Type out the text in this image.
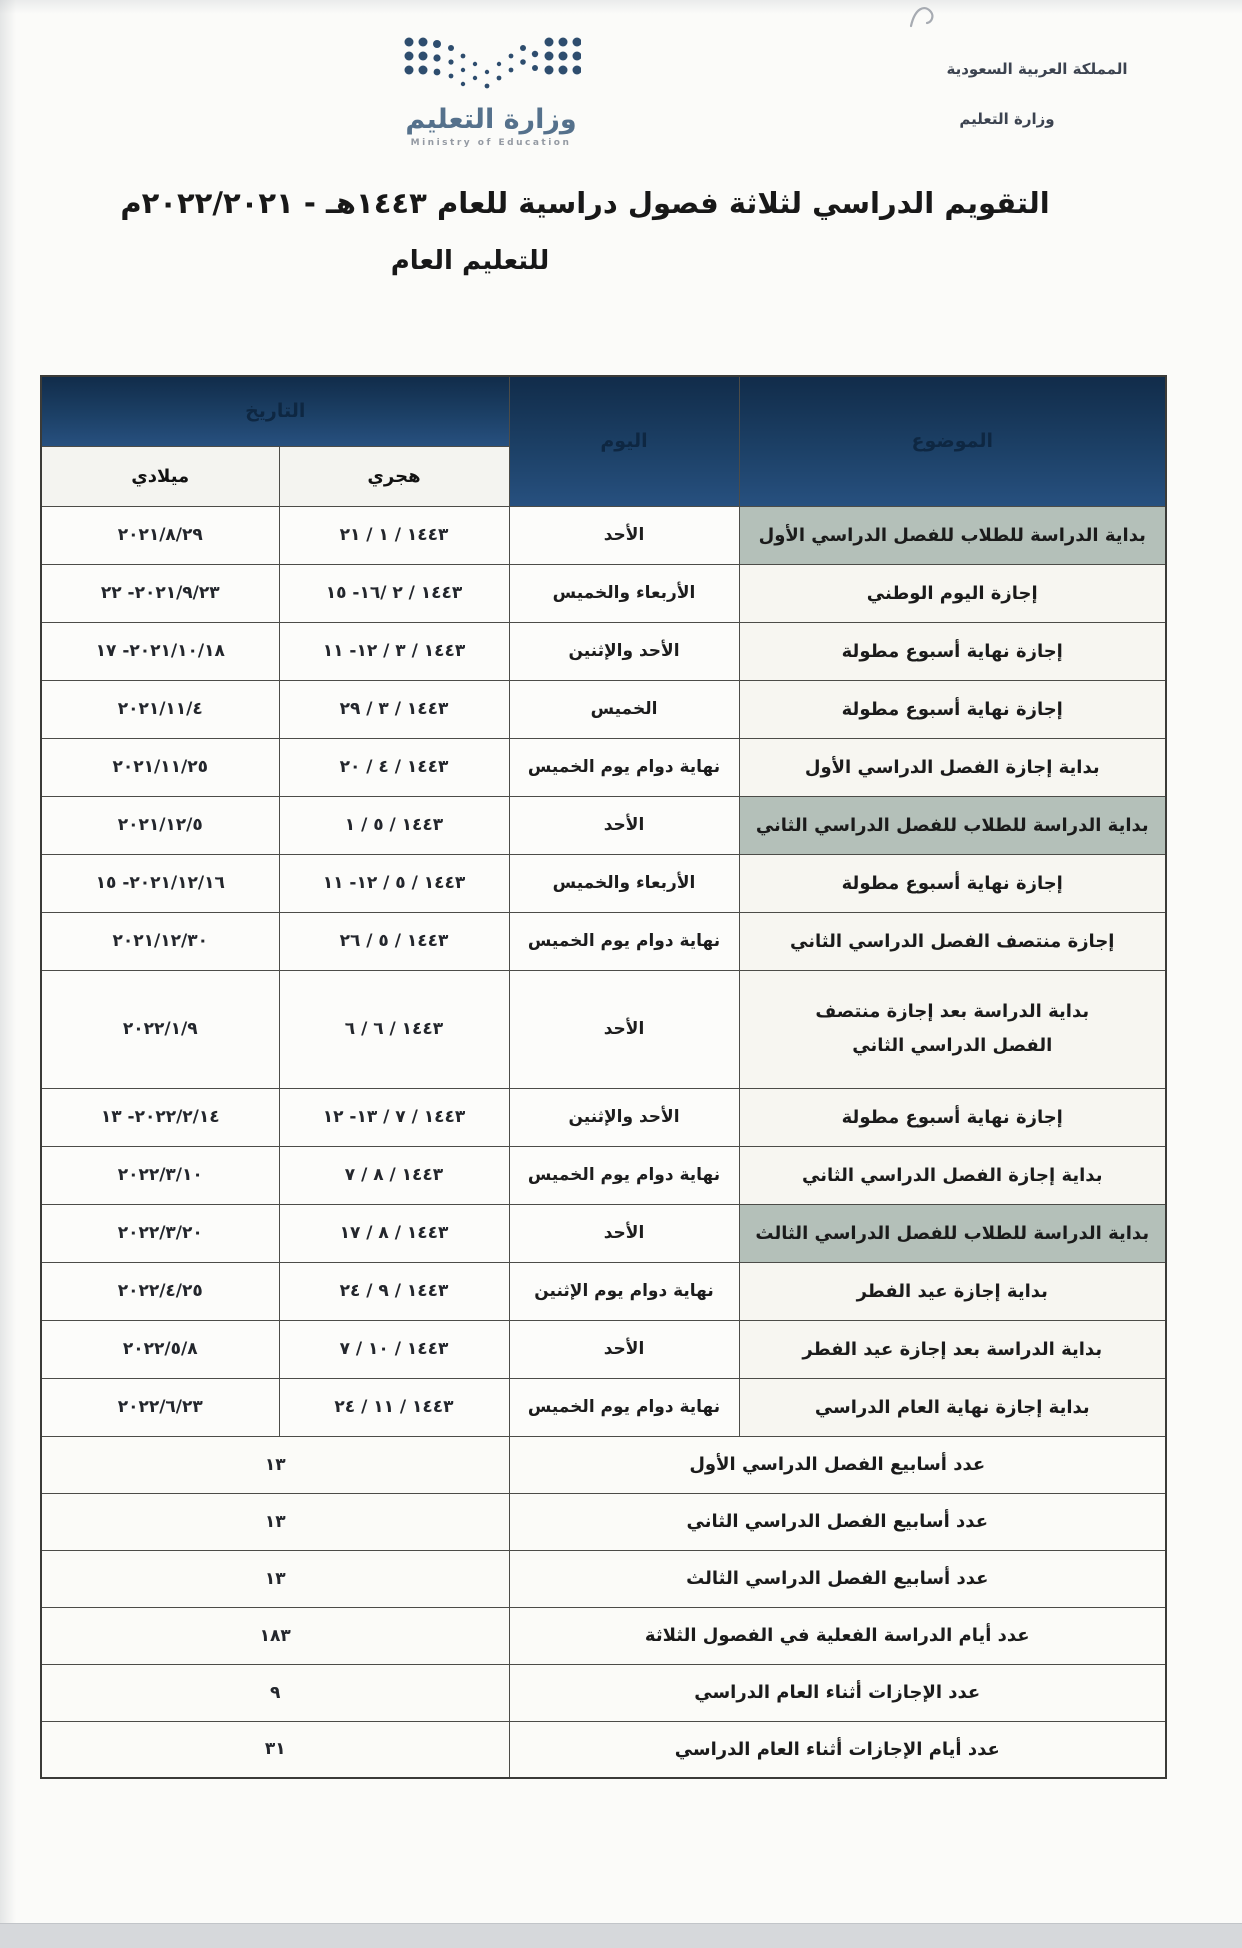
المملكة العربية السعودية
وزارة التعليم
وزارة التعليم
Ministry of Education
التقويم الدراسي لثلاثة فصول دراسية للعام ١٤٤٣هـ - ٢٠٢٢/٢٠٢١م
للتعليم العام
الموضوع	اليوم	التاريخ	
		هجري	ميلادي
بداية الدراسة للطلاب للفصل الدراسي الأول	الأحد	١٤٤٣ / ١ / ٢١	٢٠٢١/٨/٢٩
إجازة اليوم الوطني	الأربعاء والخميس	١٤٤٣ / ٢ /١٦- ١٥	٢٠٢١/٩/٢٣- ٢٢
إجازة نهاية أسبوع مطولة	الأحد والإثنين	١٤٤٣ / ٣ / ١٢- ١١	٢٠٢١/١٠/١٨- ١٧
إجازة نهاية أسبوع مطولة	الخميس	١٤٤٣ / ٣ / ٢٩	٢٠٢١/١١/٤
بداية إجازة الفصل الدراسي الأول	نهاية دوام يوم الخميس	١٤٤٣ / ٤ / ٢٠	٢٠٢١/١١/٢٥
بداية الدراسة للطلاب للفصل الدراسي الثاني	الأحد	١٤٤٣ / ٥ / ١	٢٠٢١/١٢/٥
إجازة نهاية أسبوع مطولة	الأربعاء والخميس	١٤٤٣ / ٥ / ١٢- ١١	٢٠٢١/١٢/١٦- ١٥
إجازة منتصف الفصل الدراسي الثاني	نهاية دوام يوم الخميس	١٤٤٣ / ٥ / ٢٦	٢٠٢١/١٢/٣٠
بداية الدراسة بعد إجازة منتصف الفصل الدراسي الثاني	الأحد	١٤٤٣ / ٦ / ٦	٢٠٢٢/١/٩
إجازة نهاية أسبوع مطولة	الأحد والإثنين	١٤٤٣ / ٧ / ١٣- ١٢	٢٠٢٢/٢/١٤- ١٣
بداية إجازة الفصل الدراسي الثاني	نهاية دوام يوم الخميس	١٤٤٣ / ٨ / ٧	٢٠٢٢/٣/١٠
بداية الدراسة للطلاب للفصل الدراسي الثالث	الأحد	١٤٤٣ / ٨ / ١٧	٢٠٢٢/٣/٢٠
بداية إجازة عيد الفطر	نهاية دوام يوم الإثنين	١٤٤٣ / ٩ / ٢٤	٢٠٢٢/٤/٢٥
بداية الدراسة بعد إجازة عيد الفطر	الأحد	١٤٤٣ / ١٠ / ٧	٢٠٢٢/٥/٨
بداية إجازة نهاية العام الدراسي	نهاية دوام يوم الخميس	١٤٤٣ / ١١ / ٢٤	٢٠٢٢/٦/٢٣
عدد أسابيع الفصل الدراسي الأول		١٣	
عدد أسابيع الفصل الدراسي الثاني		١٣	
عدد أسابيع الفصل الدراسي الثالث		١٣	
عدد أيام الدراسة الفعلية في الفصول الثلاثة		١٨٣	
عدد الإجازات أثناء العام الدراسي		٩	
عدد أيام الإجازات أثناء العام الدراسي		٣١	
